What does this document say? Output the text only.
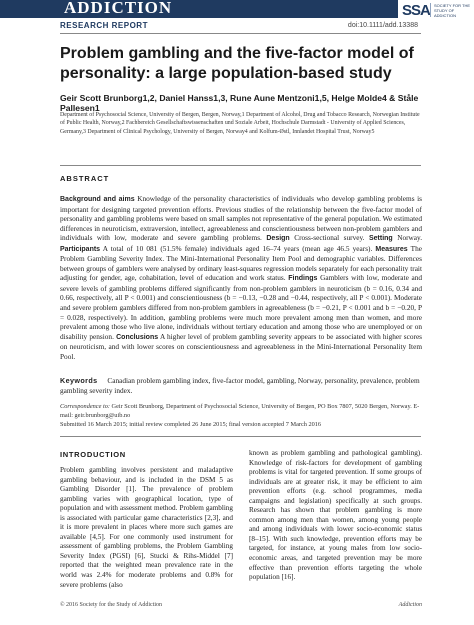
ADDICTION	SSA SOCIETY FOR THE STUDY OF ADDICTION
RESEARCH REPORT	doi:10.1111/add.13388
Problem gambling and the five-factor model of personality: a large population-based study
Geir Scott Brunborg1,2, Daniel Hanss1,3, Rune Aune Mentzoni1,5, Helge Molde4 & Ståle Pallesen1
Department of Psychosocial Science, University of Bergen, Bergen, Norway,1 Department of Alcohol, Drug and Tobacco Research, Norwegian Institute of Public Health, Norway,2 Fachbereich Gesellschaftswissenschaften und Soziale Arbeit, Hochschule Darmstadt - University of Applied Sciences, Germany,3 Department of Clinical Psychology, University of Bergen, Norway4 and Kolfum-Østl, Innlandet Hospital Trust, Norway5
ABSTRACT
Background and aims Knowledge of the personality characteristics of individuals who develop gambling problems is important for designing targeted prevention efforts. Previous studies of the relationship between the five-factor model of personality and gambling problems were based on small samples not representative of the general population. We estimated differences in neuroticism, extraversion, intellect, agreeableness and conscientiousness between non-problem gamblers and individuals with low, moderate and severe gambling problems. Design Cross-sectional survey. Setting Norway. Participants A total of 10 081 (51.5% female) individuals aged 16–74 years (mean age 46.5 years). Measures The Problem Gambling Severity Index. The Mini-International Personality Item Pool and demographic variables. Differences between groups of gamblers were analysed by ordinary least-squares regression models separately for each personality trait adjusting for gender, age, cohabitation, level of education and work status. Findings Gamblers with low, moderate and severe levels of gambling problems differed significantly from non-problem gamblers in neuroticism (b = 0.16, 0.34 and 0.66, respectively, all P < 0.001) and conscientiousness (b = −0.13, −0.28 and −0.44, respectively, all P < 0.001). Moderate and severe problem gamblers differed from non-problem gamblers in agreeableness (b = −0.21, P < 0.001 and b = −0.20, P = 0.028, respectively). In addition, gambling problems were much more prevalent among men than women, and more prevalent among those who live alone, individuals without tertiary education and among those who are unemployed or on disability pension. Conclusions A higher level of problem gambling severity appears to be associated with higher scores on neuroticism, and with lower scores on conscientiousness and agreeableness in the Mini-International Personality Item Pool.
Keywords Canadian problem gambling index, five-factor model, gambling, Norway, personality, prevalence, problem gambling severity index.
Correspondence to: Geir Scott Brunborg, Department of Psychosocial Science, University of Bergen, PO Box 7807, 5020 Bergen, Norway. E-mail: geir.brunborg@uib.no
Submitted 16 March 2015; initial review completed 26 June 2015; final version accepted 7 March 2016
INTRODUCTION
Problem gambling involves persistent and maladaptive gambling behaviour, and is included in the DSM 5 as Gambling Disorder [1]. The prevalence of problem gambling varies with geographical location, type of population and with assessment method. Problem gambling is associated with particular game characteristics [2,3], and it is more prevalent in places where more such games are available [4,5]. For one commonly used instrument for assessment of gambling problems, the Problem Gambling Severity Index (PGSI) [6], Stucki & Rihs-Middel [7] reported that the weighted mean prevalence rate in the world was 2.4% for moderate problems and 0.8% for severe problems (also
known as problem gambling and pathological gambling). Knowledge of risk-factors for development of gambling problems is vital for targeted prevention. If some groups of individuals are at greater risk, it may be efficient to aim prevention efforts (e.g. school programmes, media campaigns and legislation) specifically at such groups. Research has shown that problem gambling is more common among men than women, among young people and among individuals with lower socio-economic status [8–15]. With such knowledge, prevention efforts may be targeted, for instance, at young males from low socio-economic areas, and targeted prevention may be more effective than prevention efforts targeting the whole population [16].
© 2016 Society for the Study of Addiction	Addiction
